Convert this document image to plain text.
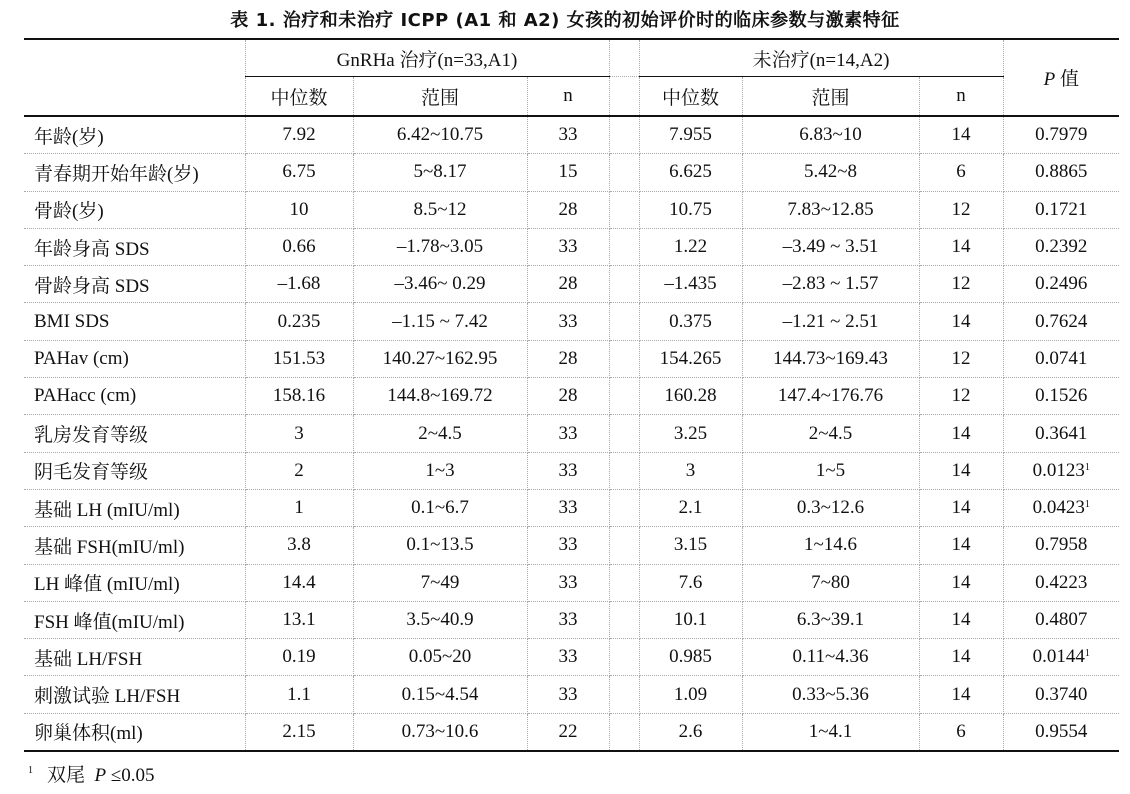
表 1. 治疗和未治疗 ICPP (A1 和 A2) 女孩的初始评价时的临床参数与激素特征
	GnRHa 治疗(n=33,A1)				未治疗(n=14,A2)			P 值
	中位数	范围	n		中位数	范围	n	
年龄(岁)	7.92	6.42~10.75	33		7.955	6.83~10	14	0.7979
青春期开始年龄(岁)	6.75	5~8.17	15		6.625	5.42~8	6	0.8865
骨龄(岁)	10	8.5~12	28		10.75	7.83~12.85	12	0.1721
年龄身高 SDS	0.66	–1.78~3.05	33		1.22	–3.49 ~ 3.51	14	0.2392
骨龄身高 SDS	–1.68	–3.46~ 0.29	28		–1.435	–2.83 ~ 1.57	12	0.2496
BMI SDS	0.235	–1.15 ~ 7.42	33		0.375	–1.21 ~ 2.51	14	0.7624
PAHav (cm)	151.53	140.27~162.95	28		154.265	144.73~169.43	12	0.0741
PAHacc (cm)	158.16	144.8~169.72	28		160.28	147.4~176.76	12	0.1526
乳房发育等级	3	2~4.5	33		3.25	2~4.5	14	0.3641
阴毛发育等级	2	1~3	33		3	1~5	14	0.0123$^1$
基础 LH (mIU/ml)	1	0.1~6.7	33		2.1	0.3~12.6	14	0.0423$^1$
基础 FSH(mIU/ml)	3.8	0.1~13.5	33		3.15	1~14.6	14	0.7958
LH 峰值 (mIU/ml)	14.4	7~49	33		7.6	7~80	14	0.4223
FSH 峰值(mIU/ml)	13.1	3.5~40.9	33		10.1	6.3~39.1	14	0.4807
基础 LH/FSH	0.19	0.05~20	33		0.985	0.11~4.36	14	0.0144$^1$
刺激试验 LH/FSH	1.1	0.15~4.54	33		1.09	0.33~5.36	14	0.3740
卵巢体积(ml)	2.15	0.73~10.6	22		2.6	1~4.1	6	0.9554
$^1$ 双尾 P ≤0.05
